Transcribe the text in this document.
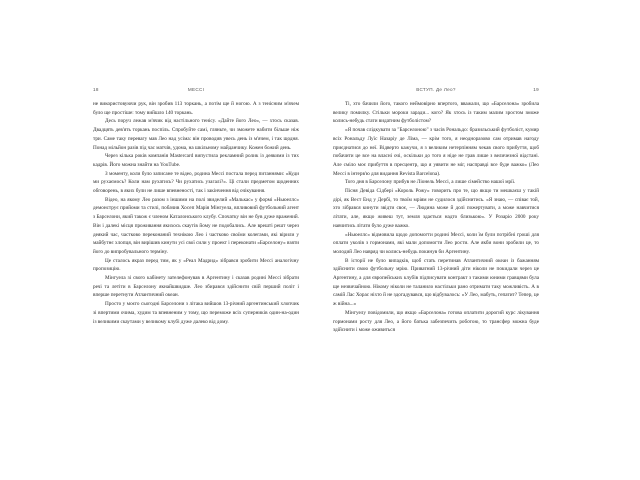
18	МЕССІ

не використовуючи рук, він зробив 113 торкань, а потім ще й ногою. А з тенісним м'ячем було ще простіше: тому вийшло 140 торкань.

Десь поруч лежав м'ячик від настільного тенісу. «Дайте його Лео», — хтось сказав. Двадцять дев'ять торкань поспіль. Спробуйте самі, гляньте, чи зможете набити більше ніж три. Саме таку перевагу мав Лео над усіма: він проводив увесь день із м'ячем, і так щодня. Понад мільйон разів під час матчів, удома, на шкільному майданчику. Кожен божий день.

Через кілька років компанія Mastercard випустила рекламний ролик із деякими із тих кадрів. Його можна знайти на YouTube.

З моменту, коли було записане те відео, родина Мессі постала перед питаннями: «Куди ми рухаємось? Коли нам рухатись? Чи рухатись узагалі?». Ці стали предметом щоденних обговорень, в яких були не лише впевненості, так і закінчення від очікування.

Відео, на якому Лео разом з іншими на полі звиделий «Малькас» у формі «Ньюеллс» демонструє прийоми та стилі, побачив Хосеп Марія Мінгуела, впливовий футбольний агент з Барселони, який також є членом Каталонського клубу. Спочатку він не був дуже вражений. Він і далекі місця проживання якихось скаутів йому не подобались. Але врешті решт через деякий час, частково переконаний технікою Лео і частково своїми колегами, які вірили у майбутнє хлопця, він вирішив кинути усі свої сили у проект і переконати «Барселону» взяти його до випробувального терміну.

Це сталось якраз перед тим, як у «Реал Мадрид» зібрався зробити Мессі аналогічну пропозицію.

Мінгуела зі свого кабінету зателефонував в Аргентину і сказав родині Мессі зібрати речі та летіти в Барселону якнайшвидше. Лео збирався здійснити свій перший політ і вперше перетнути Атлантичний океан.

Просто у моєго сьогодні Барселони з літака вийшов 13-річний аргентинський хлопчик зі впертими очима, худим та впевненим у тому, що переможе всіх суперників один-на-один із великими скаутами у великому клубі дуже далеко від дому.

ВСТУП. Де Лео?	19

Ті, хто бачили його, такого неймовірно впертого, вважали, що «Барселона» зробила велику помилку. Стільки мороки заради... кого? Як хтось із таким малим зростом зможе колись-небудь стати видатним футболістом?

«Я почав слідкувати за "Барселоною" з часів Рональдо: бразильський футболіст, кумир всіх Рональду Луїс Назаріу де Ліма, — крім того, я неодноразово сам отримав нагоду приєднатися до неї. Відверто кажучи, я з великим нетерпінням чекав свого прибуття, щоб побачити це все на власні очі, оскільки до того я ніде не грав лише з величезної відстані. Але сміло моє прибуття в пресцентр, що я уявити не міг, насправді все буде важко» (Лео Мессі в інтерв'ю для видання Revista Barcelona).

Того дня в Барселону прибув не Ліонель Мессі, а лише сімейство нашої мрії.

Пісня Девіда Сідбері «Король Рожу» говорить про те, що якщо ти мешкаєш у такій дірі, як Вест Енд у Дербі, то твоїм мріям не судилося здійснитись. «Я знаю, — співає той, хто зібрався кинути звідти своє, — Людина може й долі пожертувати, а може навчитися літати, але, якщо живеш тут, земля здається надто близькою». У Розаріо 2000 року навчитись літати було дуже важко.

«Ньюеллс» відмовила щодо допомогти родині Мессі, коли їм були потрібні гроші для оплати уколів з гормонами, які мали допомогти Лео рости. Але якби вони зробили це, то молодий Лео навряд чи колись-небудь покинув би Аргентину.

В історії не було випадків, щоб стать перетинав Атлантичний океан із бажанням здійснити свою футбольну мрію. Приватний 13-річний діти ніколи не покидали через це Аргентину, а для європейських клубів підписувати контракт з такими юними гравцями була ще незвичайною. Нікому ніколи не таланило настільки рано отримати таку можливість. А в самій Лас Хорас ніхто й не здогадувався, що відбувалось: «У Лео, мабуть, гепатит? Тепер, це ж війна...»

Мінгуелу повідомили, що якщо «Барселона» готова оплатити дорогий курс лікування гормонами росту для Лео, а його батька забезпечить роботою, то трансфер можна буде здійснити і може оживиться
